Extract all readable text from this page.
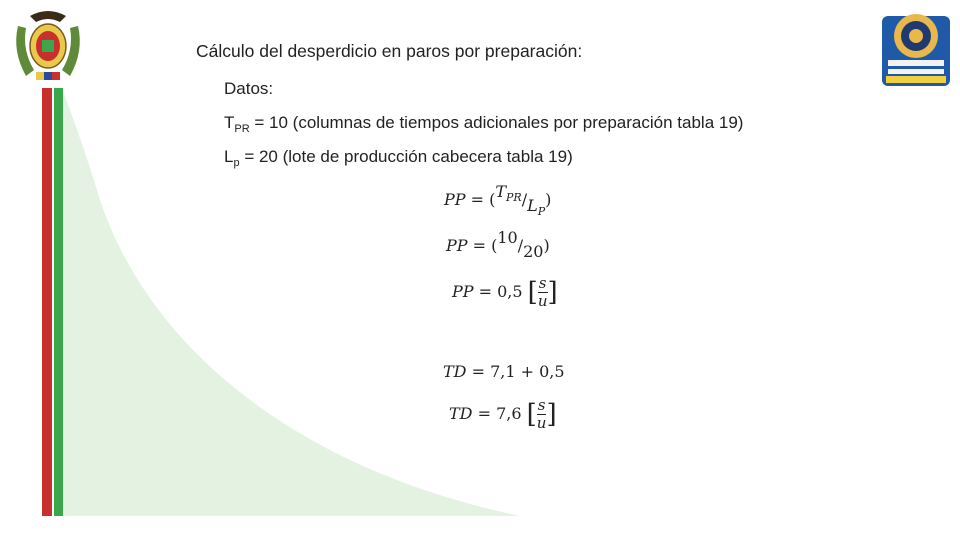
Cálculo del desperdicio en paros por preparación:
Datos:
$T_{PR} = 10$ (columnas de tiempos adicionales por preparación tabla 19)
$L_p = 20$ (lote de producción cabecera tabla 19)
PP = $(T_{PR}/L_P)$
PP = (10/20)
PP = 0,5 [ $\frac{s}{u}$ ]
TD = 7,1 + 0,5
TD = 7,6 [ $\frac{s}{u}$ ]
